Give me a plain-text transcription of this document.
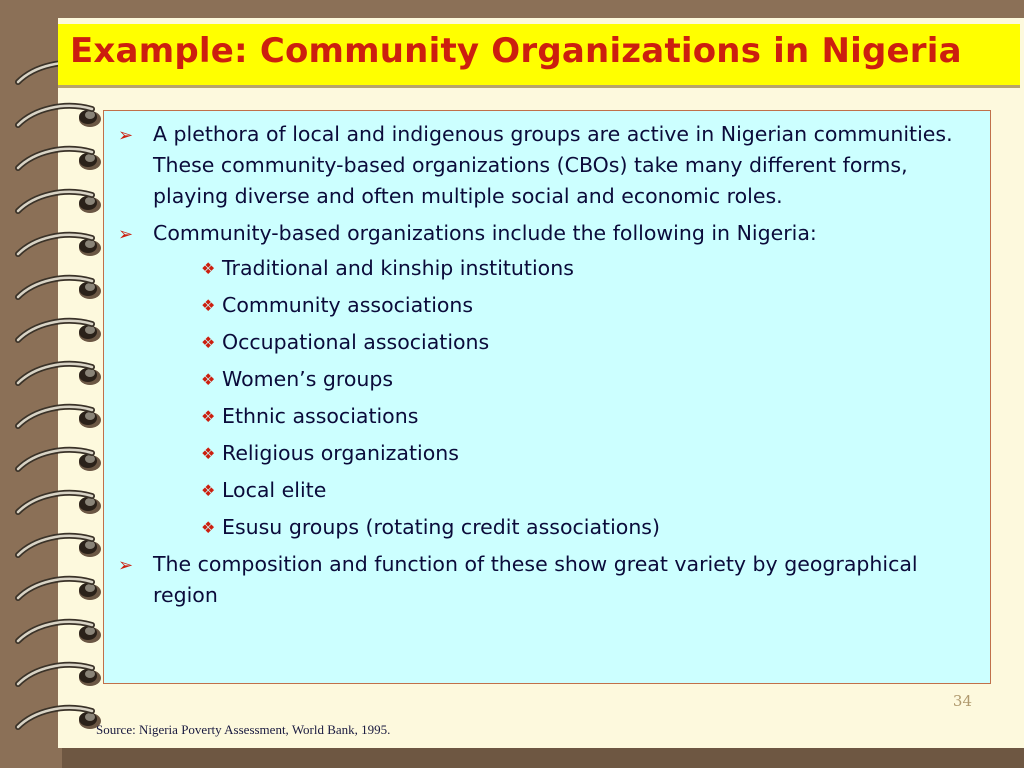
Example: Community Organizations in Nigeria
➢ A plethora of local and indigenous groups are active in Nigerian communities. These community-based organizations (CBOs) take many different forms, playing diverse and often multiple social and economic roles.
➢ Community-based organizations include the following in Nigeria:
❖ Traditional and kinship institutions
❖ Community associations
❖ Occupational associations
❖ Women’s groups
❖ Ethnic associations
❖ Religious organizations
❖ Local elite
❖ Esusu groups (rotating credit associations)
➢ The composition and function of these show great variety by geographical region
34
Source: Nigeria Poverty Assessment, World Bank, 1995.
